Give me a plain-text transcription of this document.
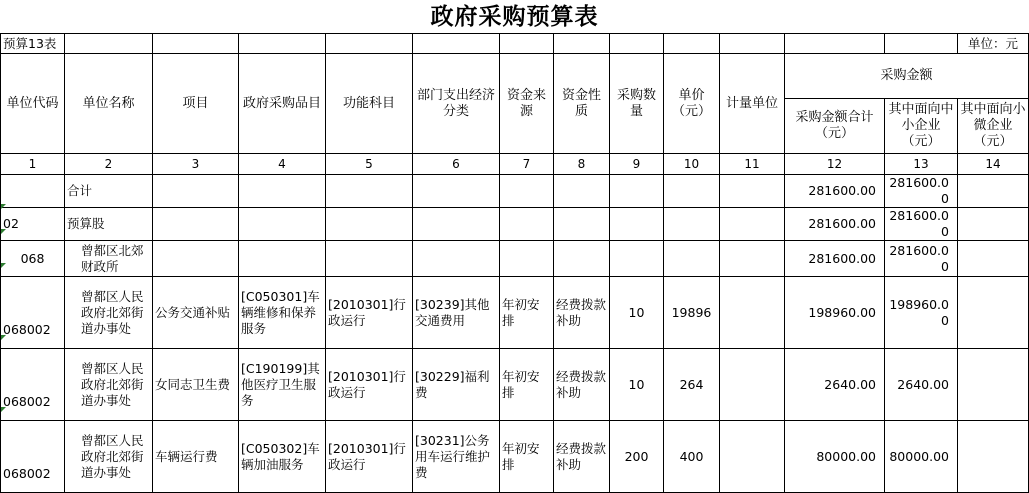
政府采购预算表
预算13表													单位：元
单位代码	单位名称	项目	政府采购品目	功能科目	部门支出经济分类	资金来源	资金性质	采购数量	单价（元）	计量单位	采购金额		
											采购金额合计（元）	其中面向中小企业（元）	其中面向小微企业（元）
1	2	3	4	5	6	7	8	9	10	11	12	13	14
	合计										281600.00	281600.00	
02	预算股										281600.00	281600.00	
068	曾都区北郊财政所										281600.00	281600.00	
068002	曾都区人民政府北郊街道办事处	公务交通补贴	[C050301]车辆维修和保养服务	[2010301]行政运行	[30239]其他交通费用	年初安排	经费拨款补助	10	19896		198960.00	198960.00	
068002	曾都区人民政府北郊街道办事处	女同志卫生费	[C190199]其他医疗卫生服务	[2010301]行政运行	[30229]福利费	年初安排	经费拨款补助	10	264		2640.00	2640.00	
068002	曾都区人民政府北郊街道办事处	车辆运行费	[C050302]车辆加油服务	[2010301]行政运行	[30231]公务用车运行维护费	年初安排	经费拨款补助	200	400		80000.00	80000.00	
